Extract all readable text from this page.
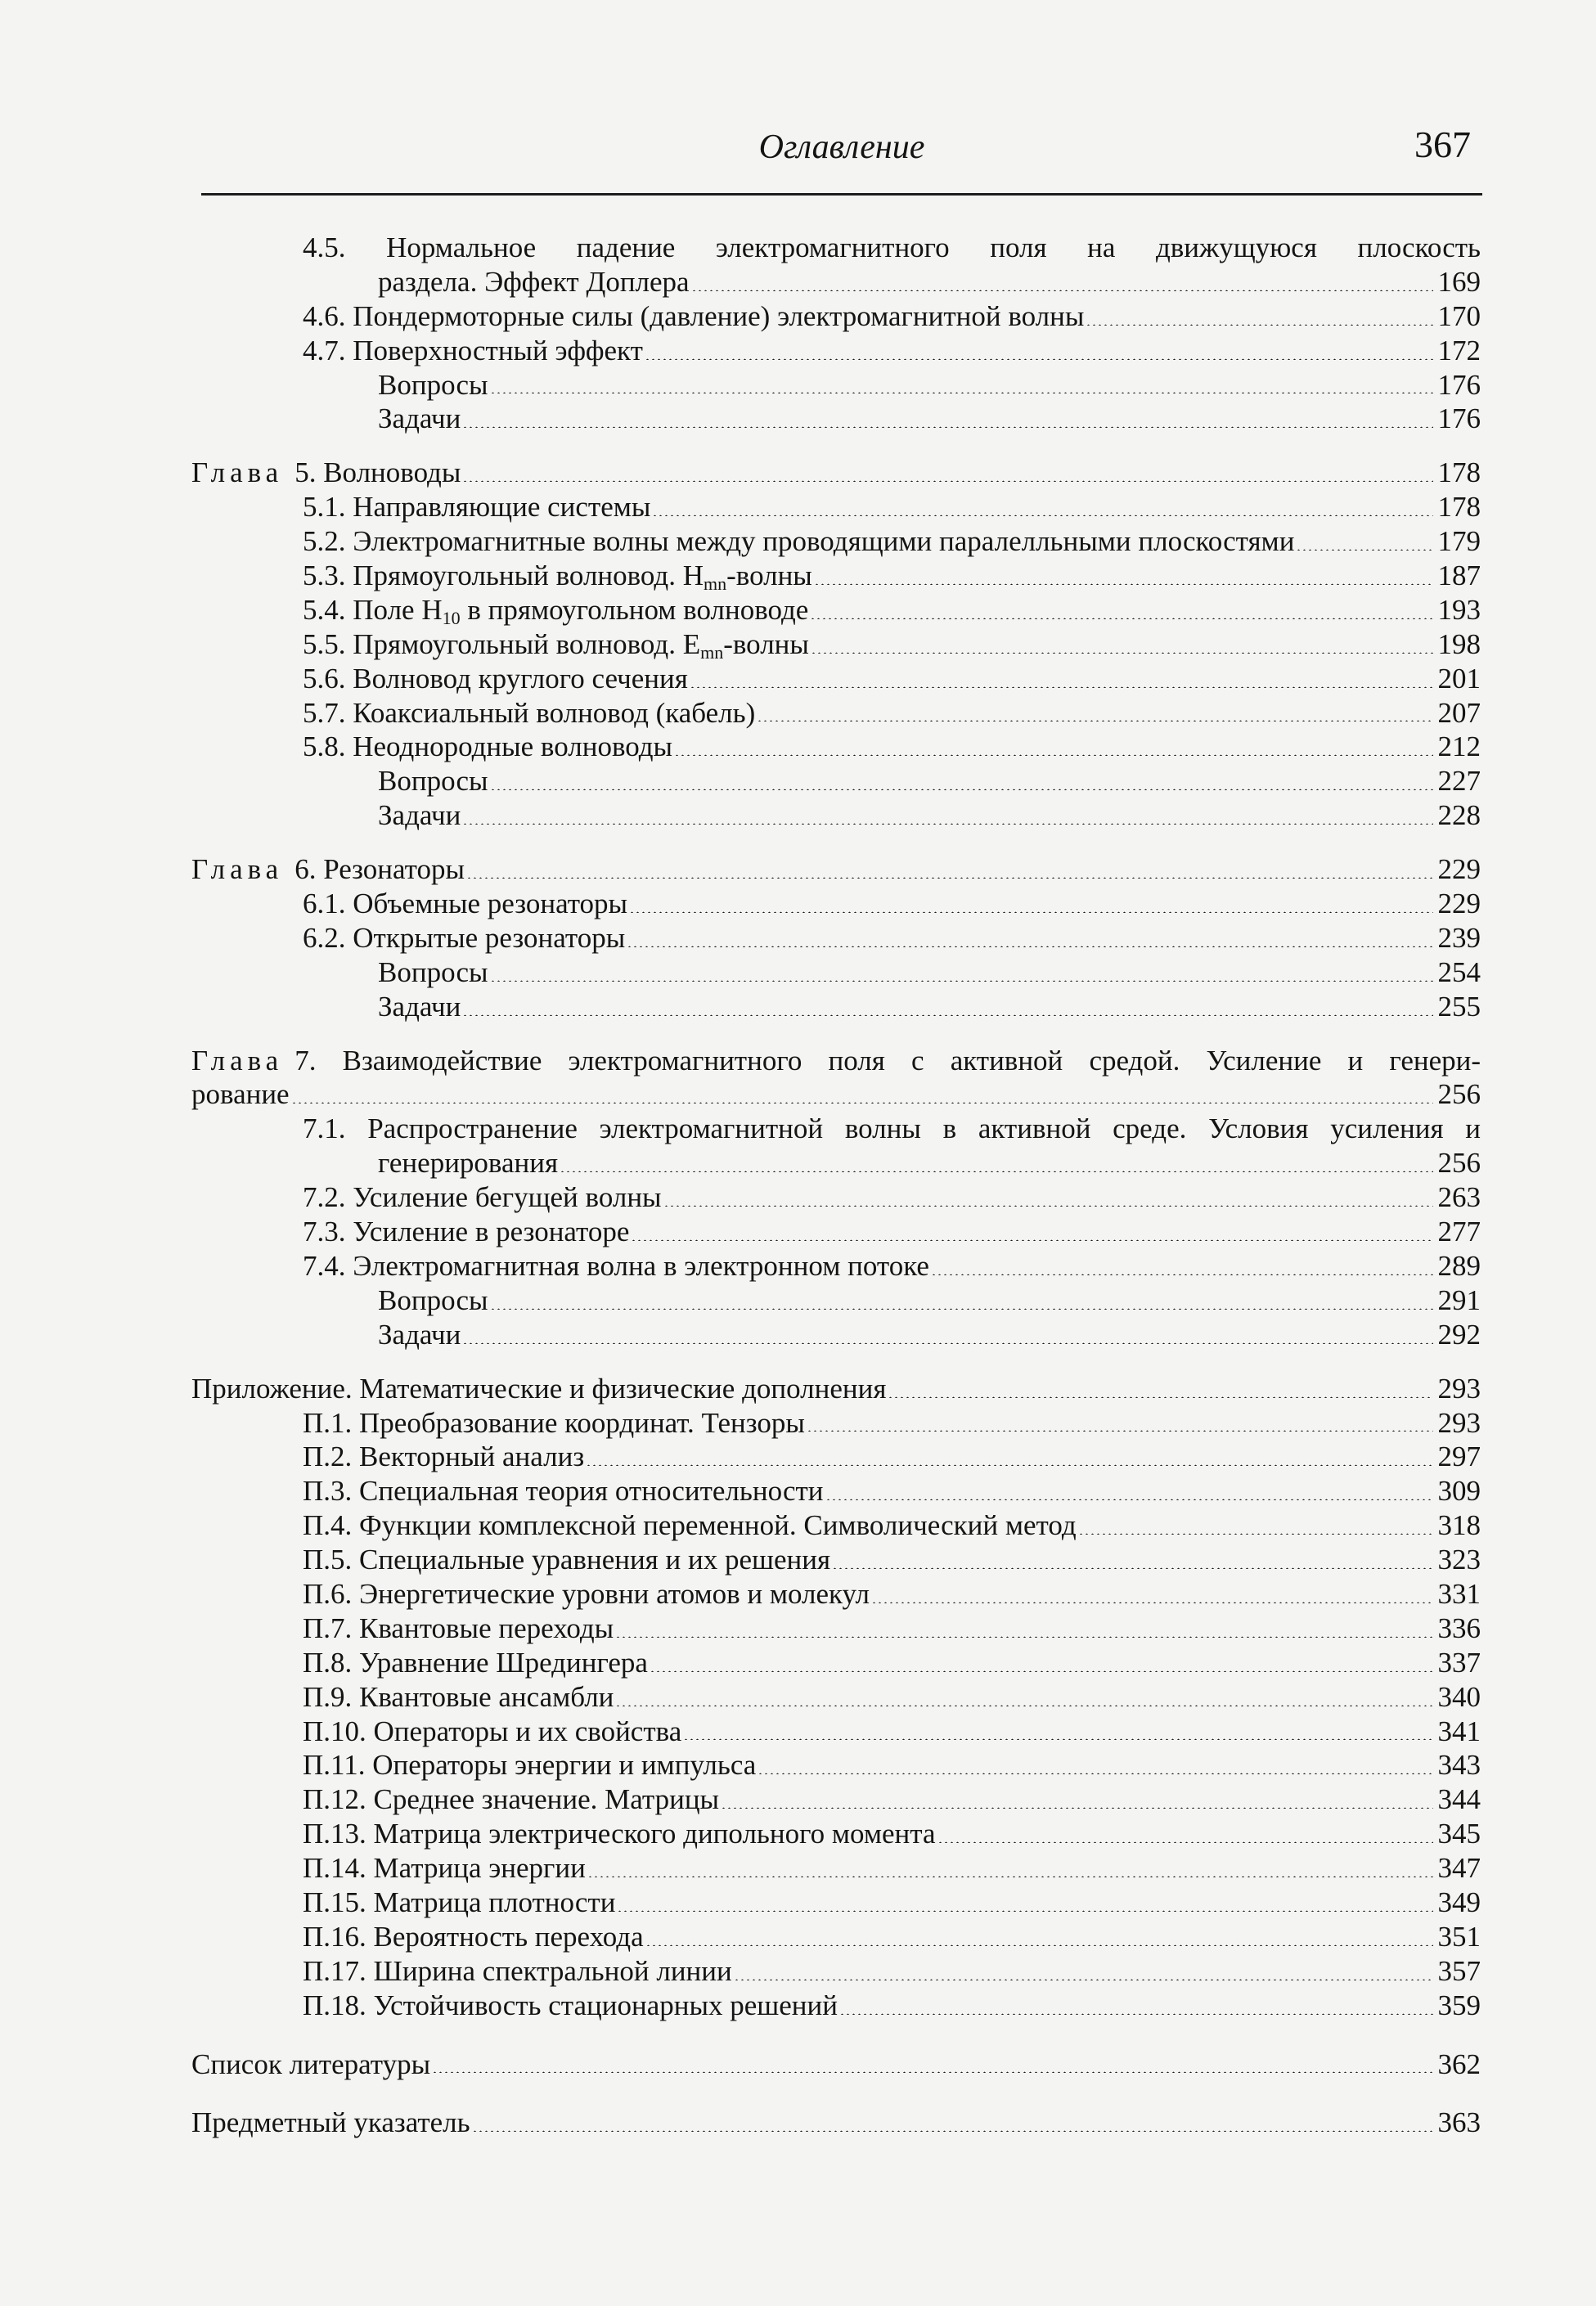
Оглавление	367
4.5. Нормальное падение электромагнитного поля на движущуюся плоскость
раздела. Эффект Доплера	169
4.6. Пондермоторные силы (давление) электромагнитной волны	170
4.7. Поверхностный эффект	172
Вопросы	176
Задачи	176
Глава 5. Волноводы	178
5.1. Направляющие системы	178
5.2. Электромагнитные волны между проводящими паралелльными плоскостями	179
5.3. Прямоугольный волновод. $H_{mn}$-волны	187
5.4. Поле $H_{10}$ в прямоугольном волноводе	193
5.5. Прямоугольный волновод. $E_{mn}$-волны	198
5.6. Волновод круглого сечения	201
5.7. Коаксиальный волновод (кабель)	207
5.8. Неоднородные волноводы	212
Вопросы	227
Задачи	228
Глава 6. Резонаторы	229
6.1. Объемные резонаторы	229
6.2. Открытые резонаторы	239
Вопросы	254
Задачи	255
Глава 7. Взаимодействие электромагнитного поля с активной средой. Усиление и генери-
рование	256
7.1. Распространение электромагнитной волны в активной среде. Условия усиления и
генерирования	256
7.2. Усиление бегущей волны	263
7.3. Усиление в резонаторе	277
7.4. Электромагнитная волна в электронном потоке	289
Вопросы	291
Задачи	292
Приложение. Математические и физические дополнения	293
П.1. Преобразование координат. Тензоры	293
П.2. Векторный анализ	297
П.3. Специальная теория относительности	309
П.4. Функции комплексной переменной. Символический метод	318
П.5. Специальные уравнения и их решения	323
П.6. Энергетические уровни атомов и молекул	331
П.7. Квантовые переходы	336
П.8. Уравнение Шредингера	337
П.9. Квантовые ансамбли	340
П.10. Операторы и их свойства	341
П.11. Операторы энергии и импульса	343
П.12. Среднее значение. Матрицы	344
П.13. Матрица электрического дипольного момента	345
П.14. Матрица энергии	347
П.15. Матрица плотности	349
П.16. Вероятность перехода	351
П.17. Ширина спектральной линии	357
П.18. Устойчивость стационарных решений	359
Список литературы	362
Предметный указатель	363
